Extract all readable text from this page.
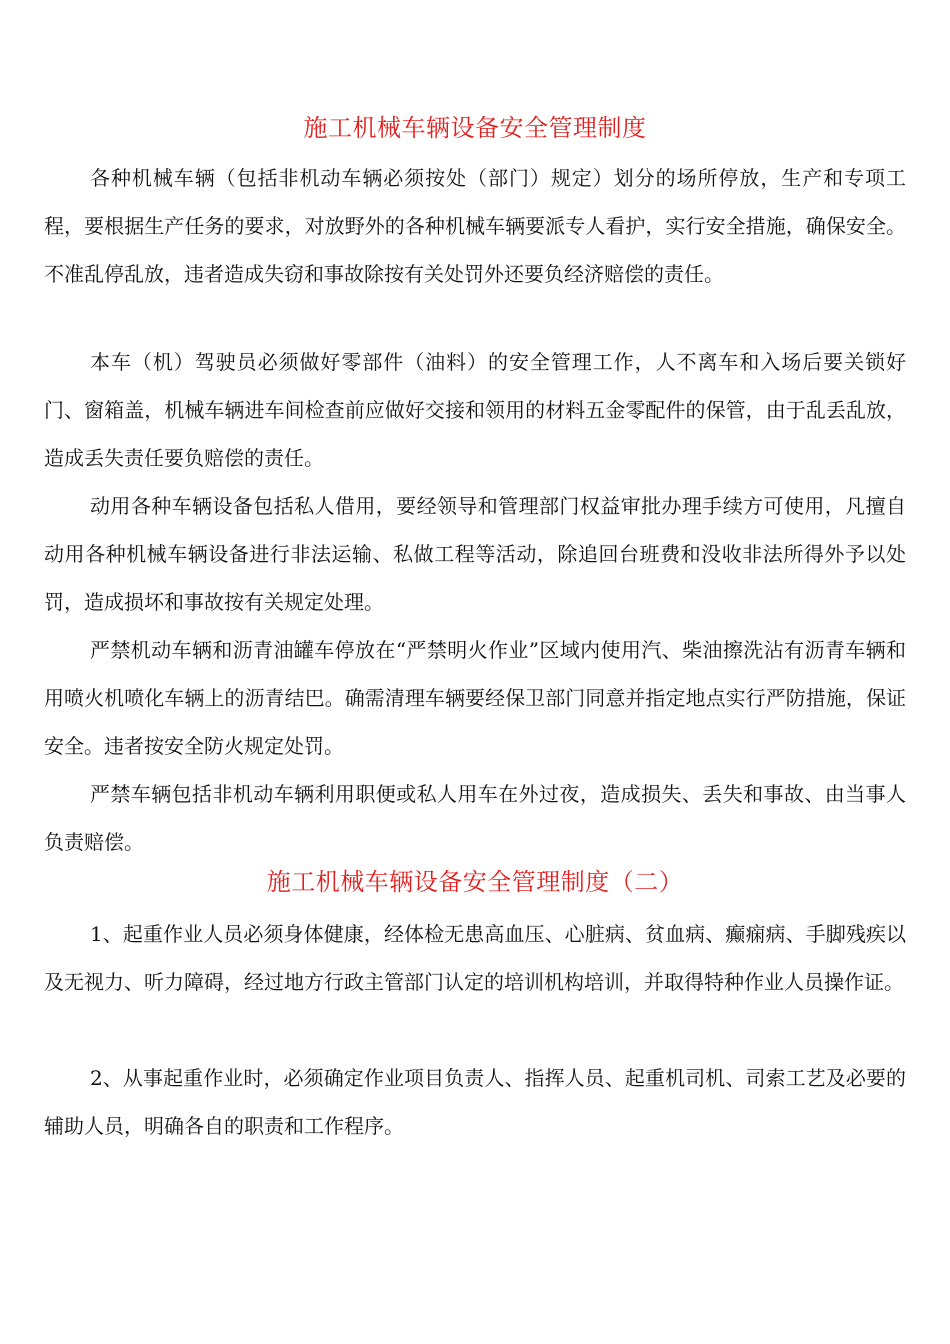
施工机械车辆设备安全管理制度

各种机械车辆（包括非机动车辆必须按处（部门）规定）划分的场所停放，生产和专项工程，要根据生产任务的要求，对放野外的各种机械车辆要派专人看护，实行安全措施，确保安全。不准乱停乱放，违者造成失窃和事故除按有关处罚外还要负经济赔偿的责任。

本车（机）驾驶员必须做好零部件（油料）的安全管理工作，人不离车和入场后要关锁好门、窗箱盖，机械车辆进车间检查前应做好交接和领用的材料五金零配件的保管，由于乱丢乱放，造成丢失责任要负赔偿的责任。

动用各种车辆设备包括私人借用，要经领导和管理部门权益审批办理手续方可使用，凡擅自动用各种机械车辆设备进行非法运输、私做工程等活动，除追回台班费和没收非法所得外予以处罚，造成损坏和事故按有关规定处理。

严禁机动车辆和沥青油罐车停放在“严禁明火作业”区域内使用汽、柴油擦洗沾有沥青车辆和用喷火机喷化车辆上的沥青结巴。确需清理车辆要经保卫部门同意并指定地点实行严防措施，保证安全。违者按安全防火规定处罚。

严禁车辆包括非机动车辆利用职便或私人用车在外过夜，造成损失、丢失和事故、由当事人负责赔偿。

施工机械车辆设备安全管理制度（二）

1、起重作业人员必须身体健康，经体检无患高血压、心脏病、贫血病、癫痫病、手脚残疾以及无视力、听力障碍，经过地方行政主管部门认定的培训机构培训，并取得特种作业人员操作证。

2、从事起重作业时，必须确定作业项目负责人、指挥人员、起重机司机、司索工艺及必要的辅助人员，明确各自的职责和工作程序。
